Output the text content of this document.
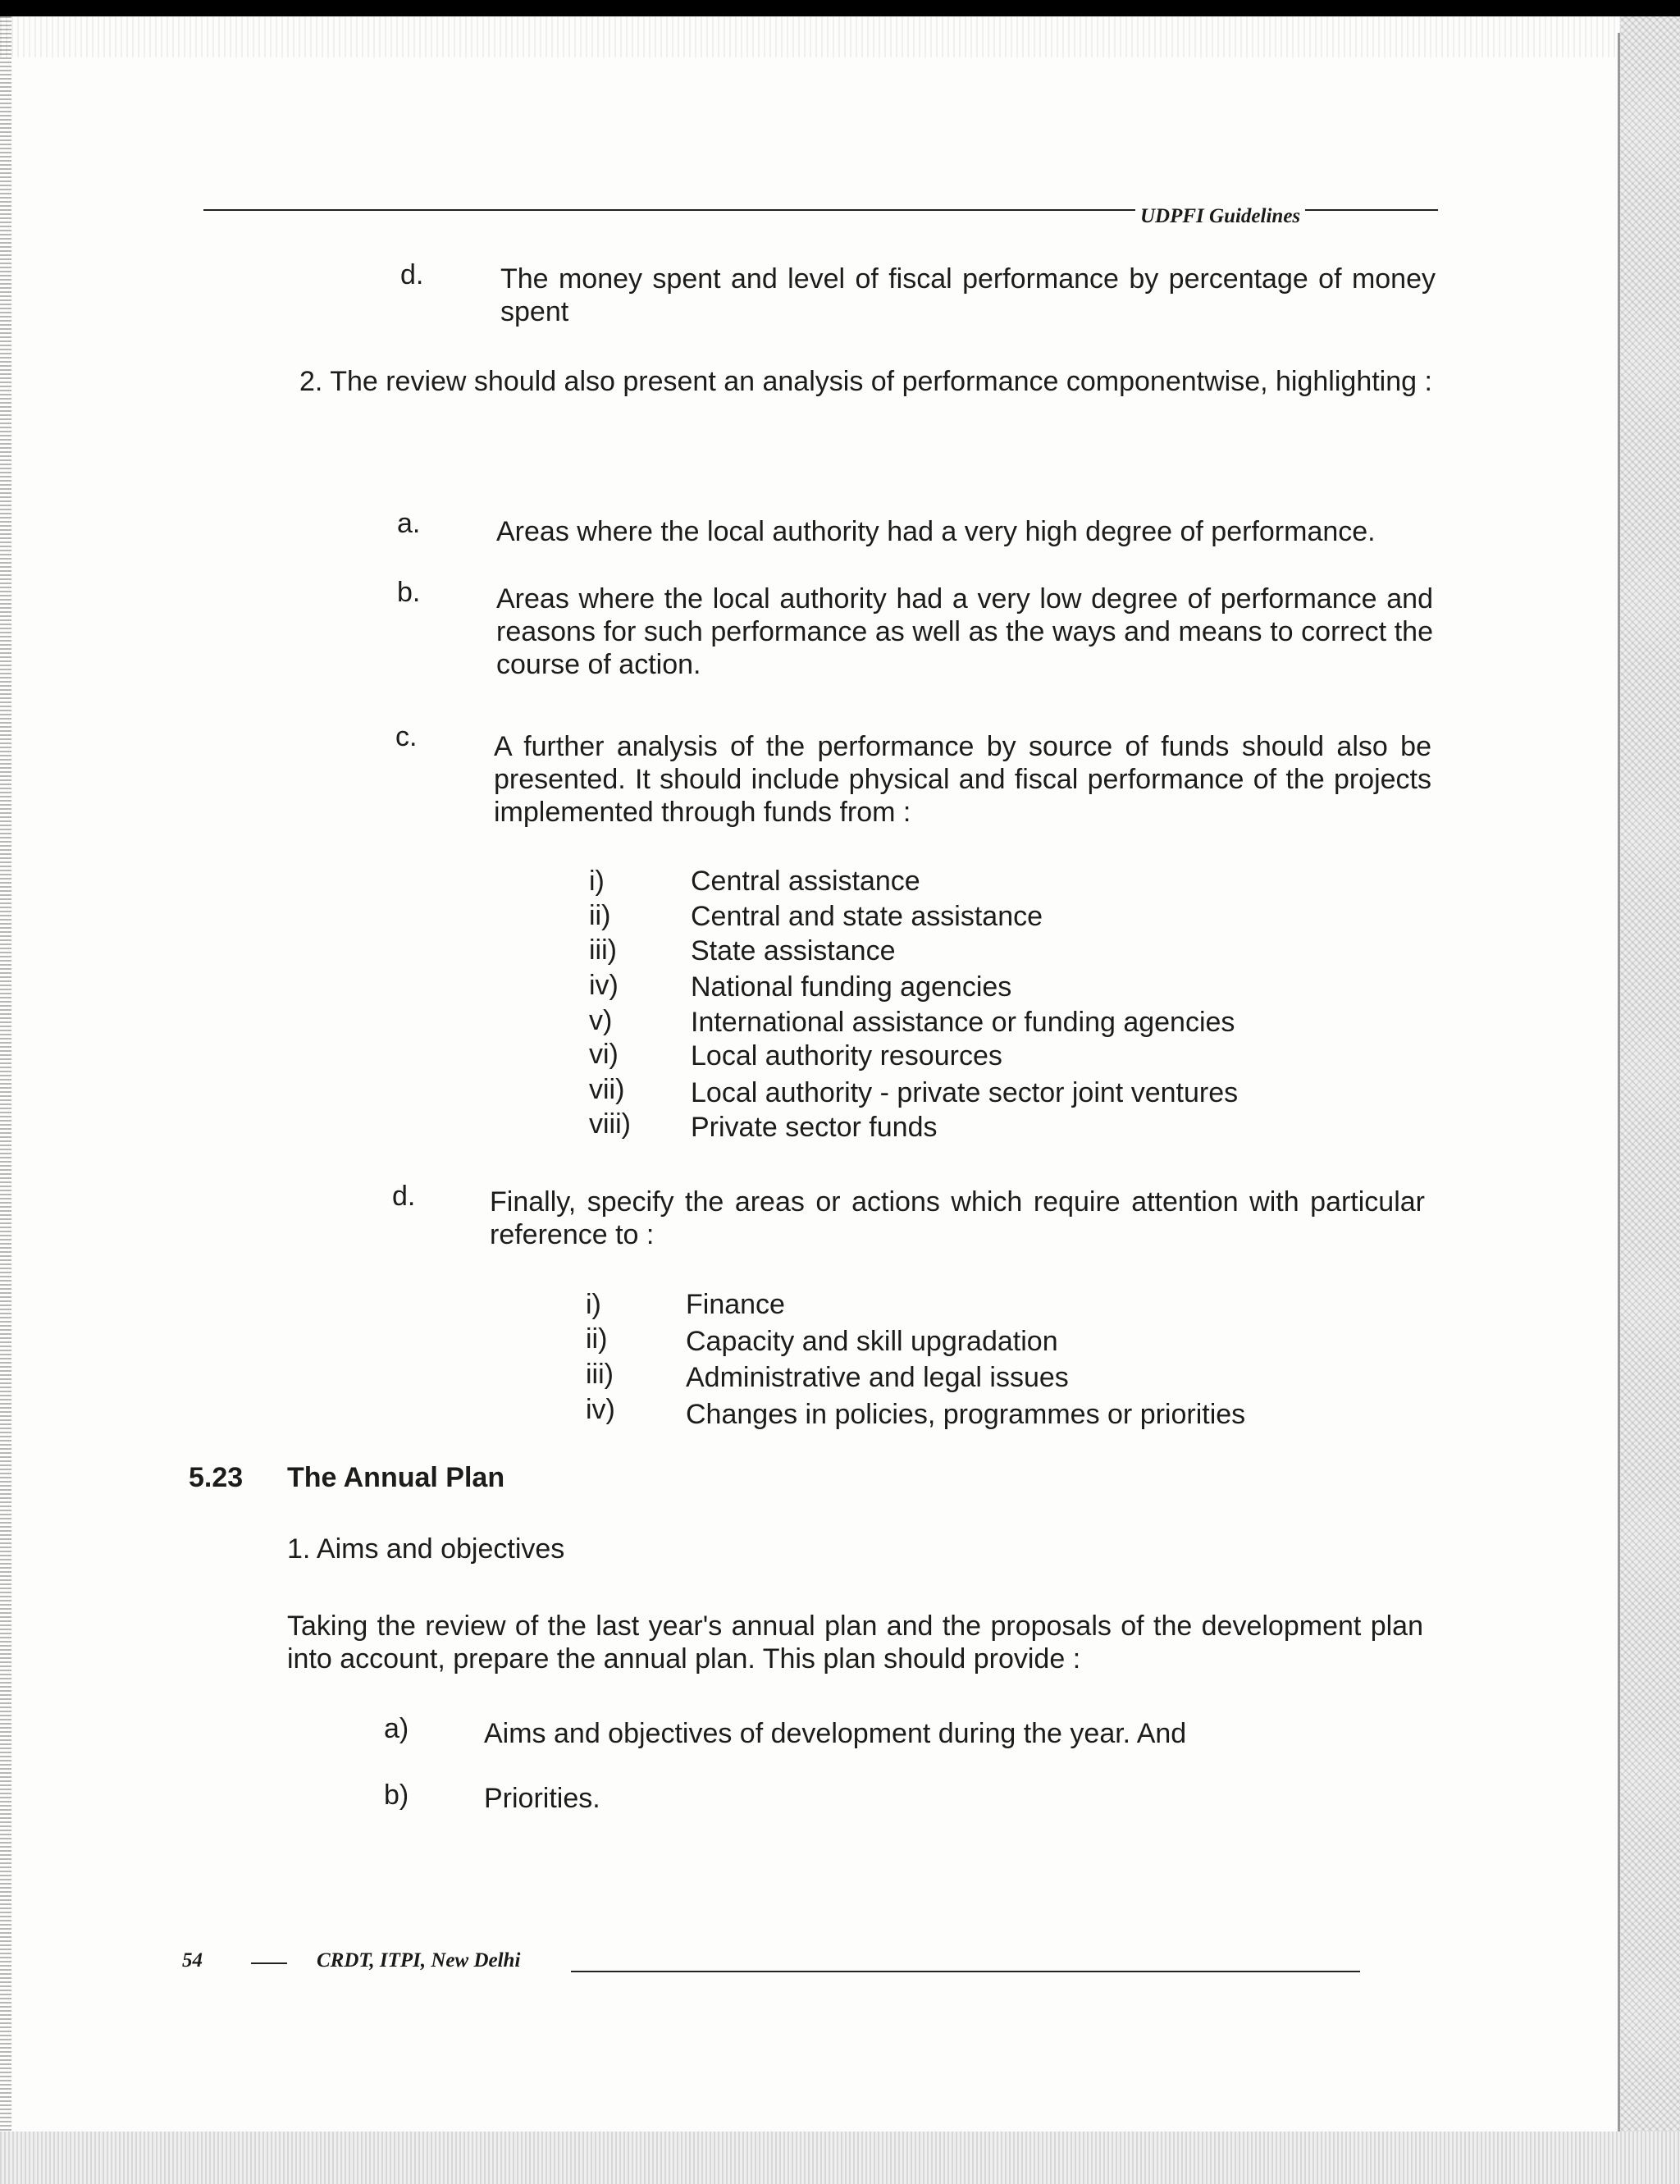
UDPFI Guidelines
d.	The money spent and level of fiscal performance by percentage of money spent
2. The review should also present an analysis of performance componentwise, highlighting :
a.	Areas where the local authority had a very high degree of performance.
b.	Areas where the local authority had a very low degree of performance and reasons for such performance as well as the ways and means to correct the course of action.
c.	A further analysis of the performance by source of funds should also be presented. It should include physical and fiscal performance of the projects implemented through funds from :
i)	Central assistance
ii)	Central and state assistance
iii)	State assistance
iv)	National funding agencies
v)	International assistance or funding agencies
vi)	Local authority resources
vii) Local authority - private sector joint ventures
viii) Private sector funds
d.	Finally, specify the areas or actions which require attention with particular reference to :
i)	Finance
ii)	Capacity and skill upgradation
iii)	Administrative and legal issues
iv)	Changes in policies, programmes or priorities
5.23 The Annual Plan
1. Aims and objectives
Taking the review of the last year's annual plan and the proposals of the development plan into account, prepare the annual plan. This plan should provide :
a)	Aims and objectives of development during the year. And
b)	Priorities.
54	CRDT, ITPI, New Delhi
